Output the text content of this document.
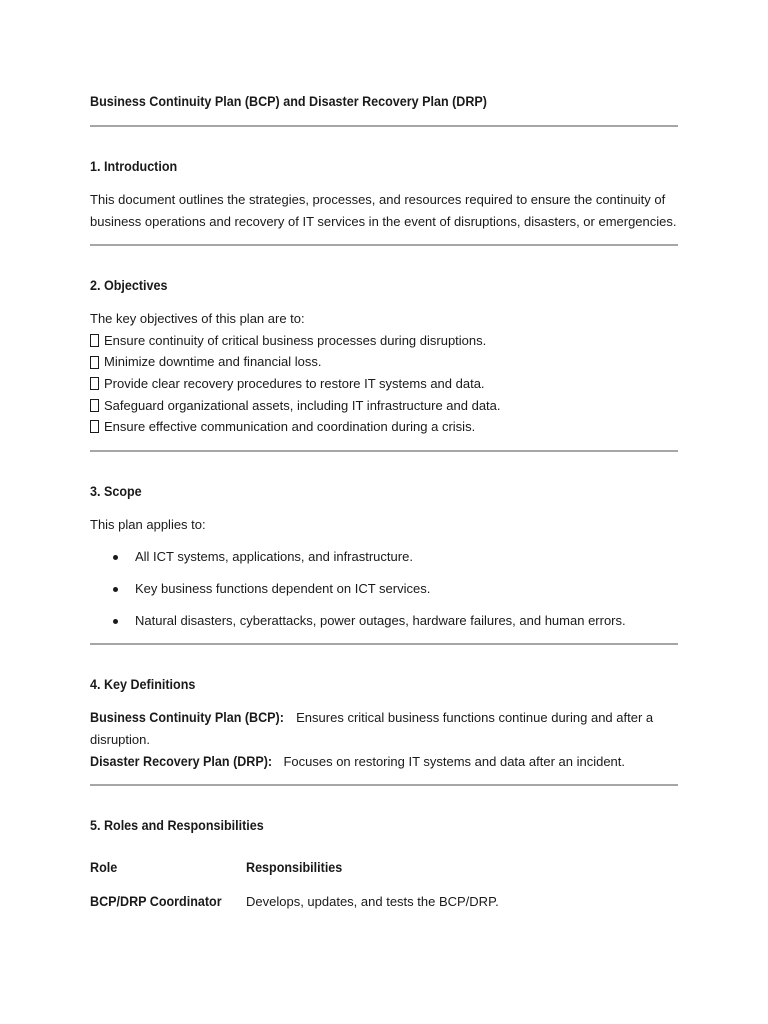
Business Continuity Plan (BCP) and Disaster Recovery Plan (DRP)
1. Introduction

This document outlines the strategies, processes, and resources required to ensure the continuity of business operations and recovery of IT services in the event of disruptions, disasters, or emergencies.

2. Objectives

The key objectives of this plan are to:

Ensure continuity of critical business processes during disruptions.
Minimize downtime and financial loss.
Provide clear recovery procedures to restore IT systems and data.
Safeguard organizational assets, including IT infrastructure and data.
Ensure effective communication and coordination during a crisis.
3. Scope

This plan applies to:

All ICT systems, applications, and infrastructure.
Key business functions dependent on ICT services.
Natural disasters, cyberattacks, power outages, hardware failures, and human errors.
4. Key Definitions

Business Continuity Plan (BCP): Ensures critical business functions continue during and after a disruption.

Disaster Recovery Plan (DRP): Focuses on restoring IT systems and data after an incident.

5. Roles and Responsibilities
Role	Responsibilities
BCP/DRP Coordinator	Develops, updates, and tests the BCP/DRP.
